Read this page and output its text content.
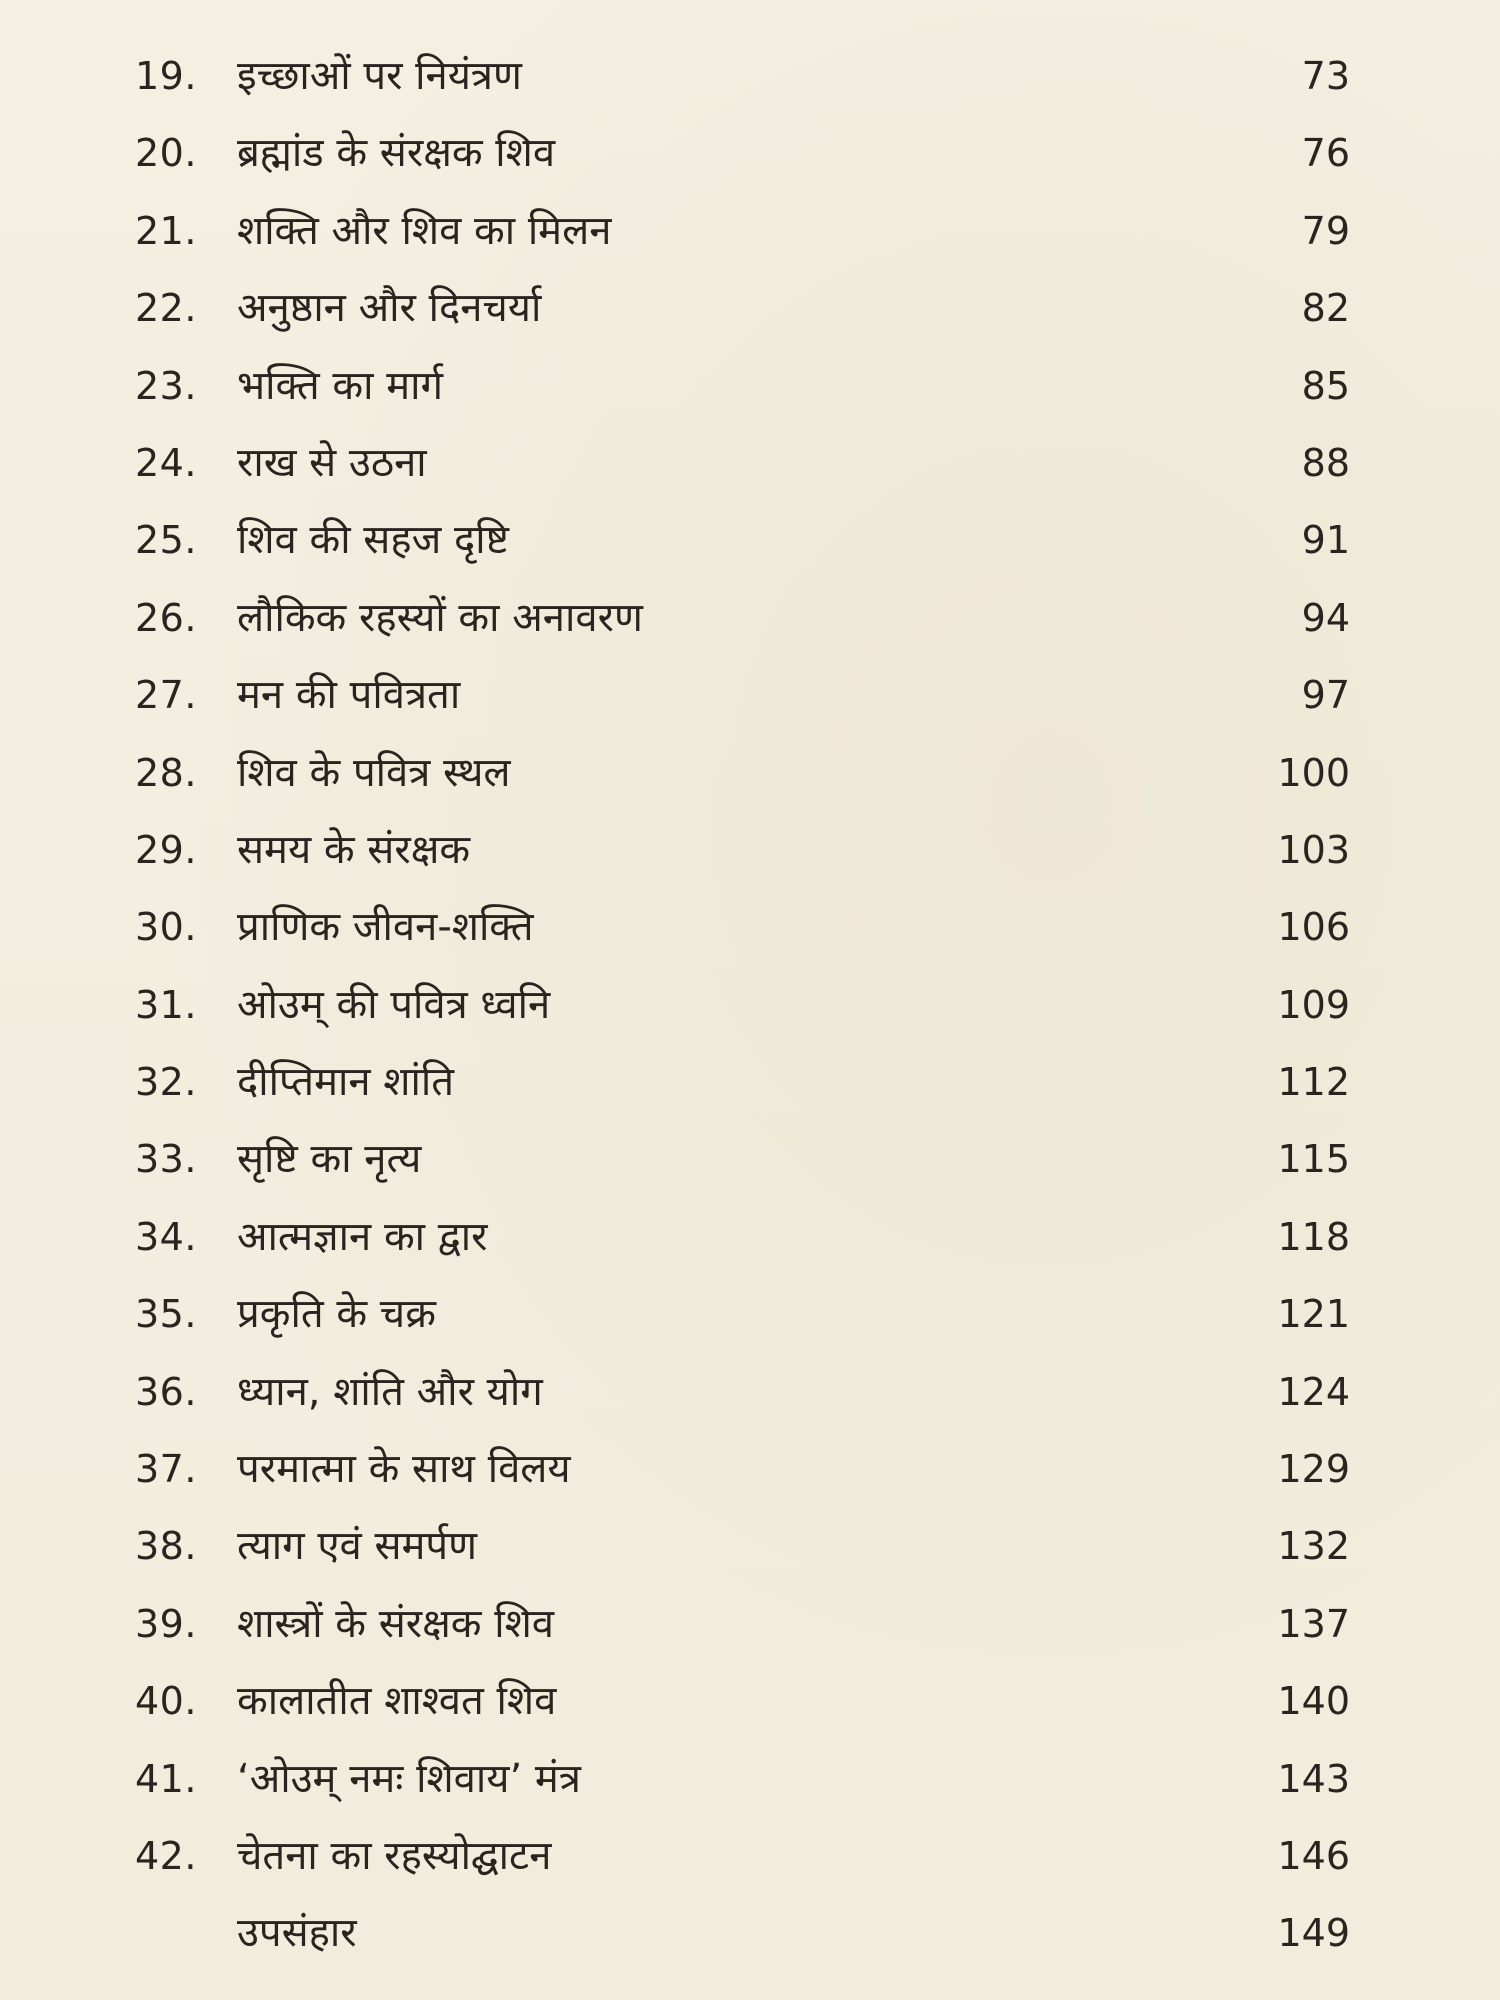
19.	इच्छाओं पर नियंत्रण	73
20.	ब्रह्मांड के संरक्षक शिव	76
21.	शक्ति और शिव का मिलन	79
22.	अनुष्ठान और दिनचर्या	82
23.	भक्ति का मार्ग	85
24.	राख से उठना	88
25.	शिव की सहज दृष्टि	91
26.	लौकिक रहस्यों का अनावरण	94
27.	मन की पवित्रता	97
28.	शिव के पवित्र स्थल	100
29.	समय के संरक्षक	103
30.	प्राणिक जीवन-शक्ति	106
31.	ओउम् की पवित्र ध्वनि	109
32.	दीप्तिमान शांति	112
33.	सृष्टि का नृत्य	115
34.	आत्मज्ञान का द्वार	118
35.	प्रकृति के चक्र	121
36.	ध्यान, शांति और योग	124
37.	परमात्मा के साथ विलय	129
38.	त्याग एवं समर्पण	132
39.	शास्त्रों के संरक्षक शिव	137
40.	कालातीत शाश्वत शिव	140
41.	‘ओउम् नमः शिवाय’ मंत्र	143
42.	चेतना का रहस्योद्घाटन	146
उपसंहार	149
